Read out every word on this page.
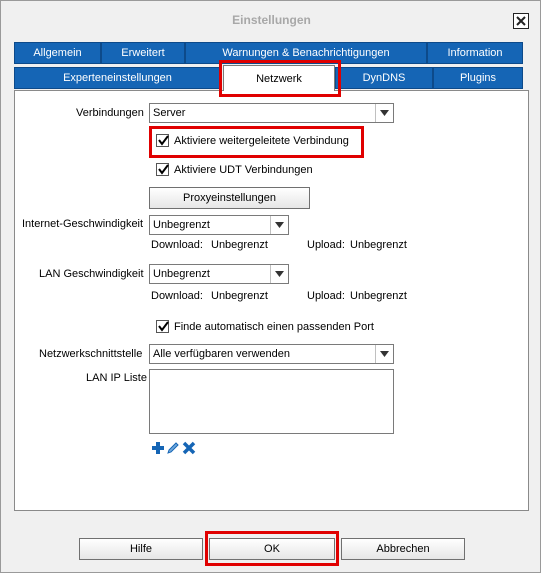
Einstellungen
Allgemein	Erweitert	Warnungen & Benachrichtigungen	Information
Experteneinstellungen	Netzwerk	DynDNS	Plugins
Verbindungen Server
Aktiviere weitergeleitete Verbindung
Aktiviere UDT Verbindungen
Proxyeinstellungen
Internet-Geschwindigkeit Unbegrenzt
Download: Unbegrenzt	Upload: Unbegrenzt
LAN Geschwindigkeit Unbegrenzt
Download: Unbegrenzt	Upload: Unbegrenzt
Finde automatisch einen passenden Port
Netzwerkschnittstelle Alle verfügbaren verwenden
LAN IP Liste
Hilfe	OK	Abbrechen
